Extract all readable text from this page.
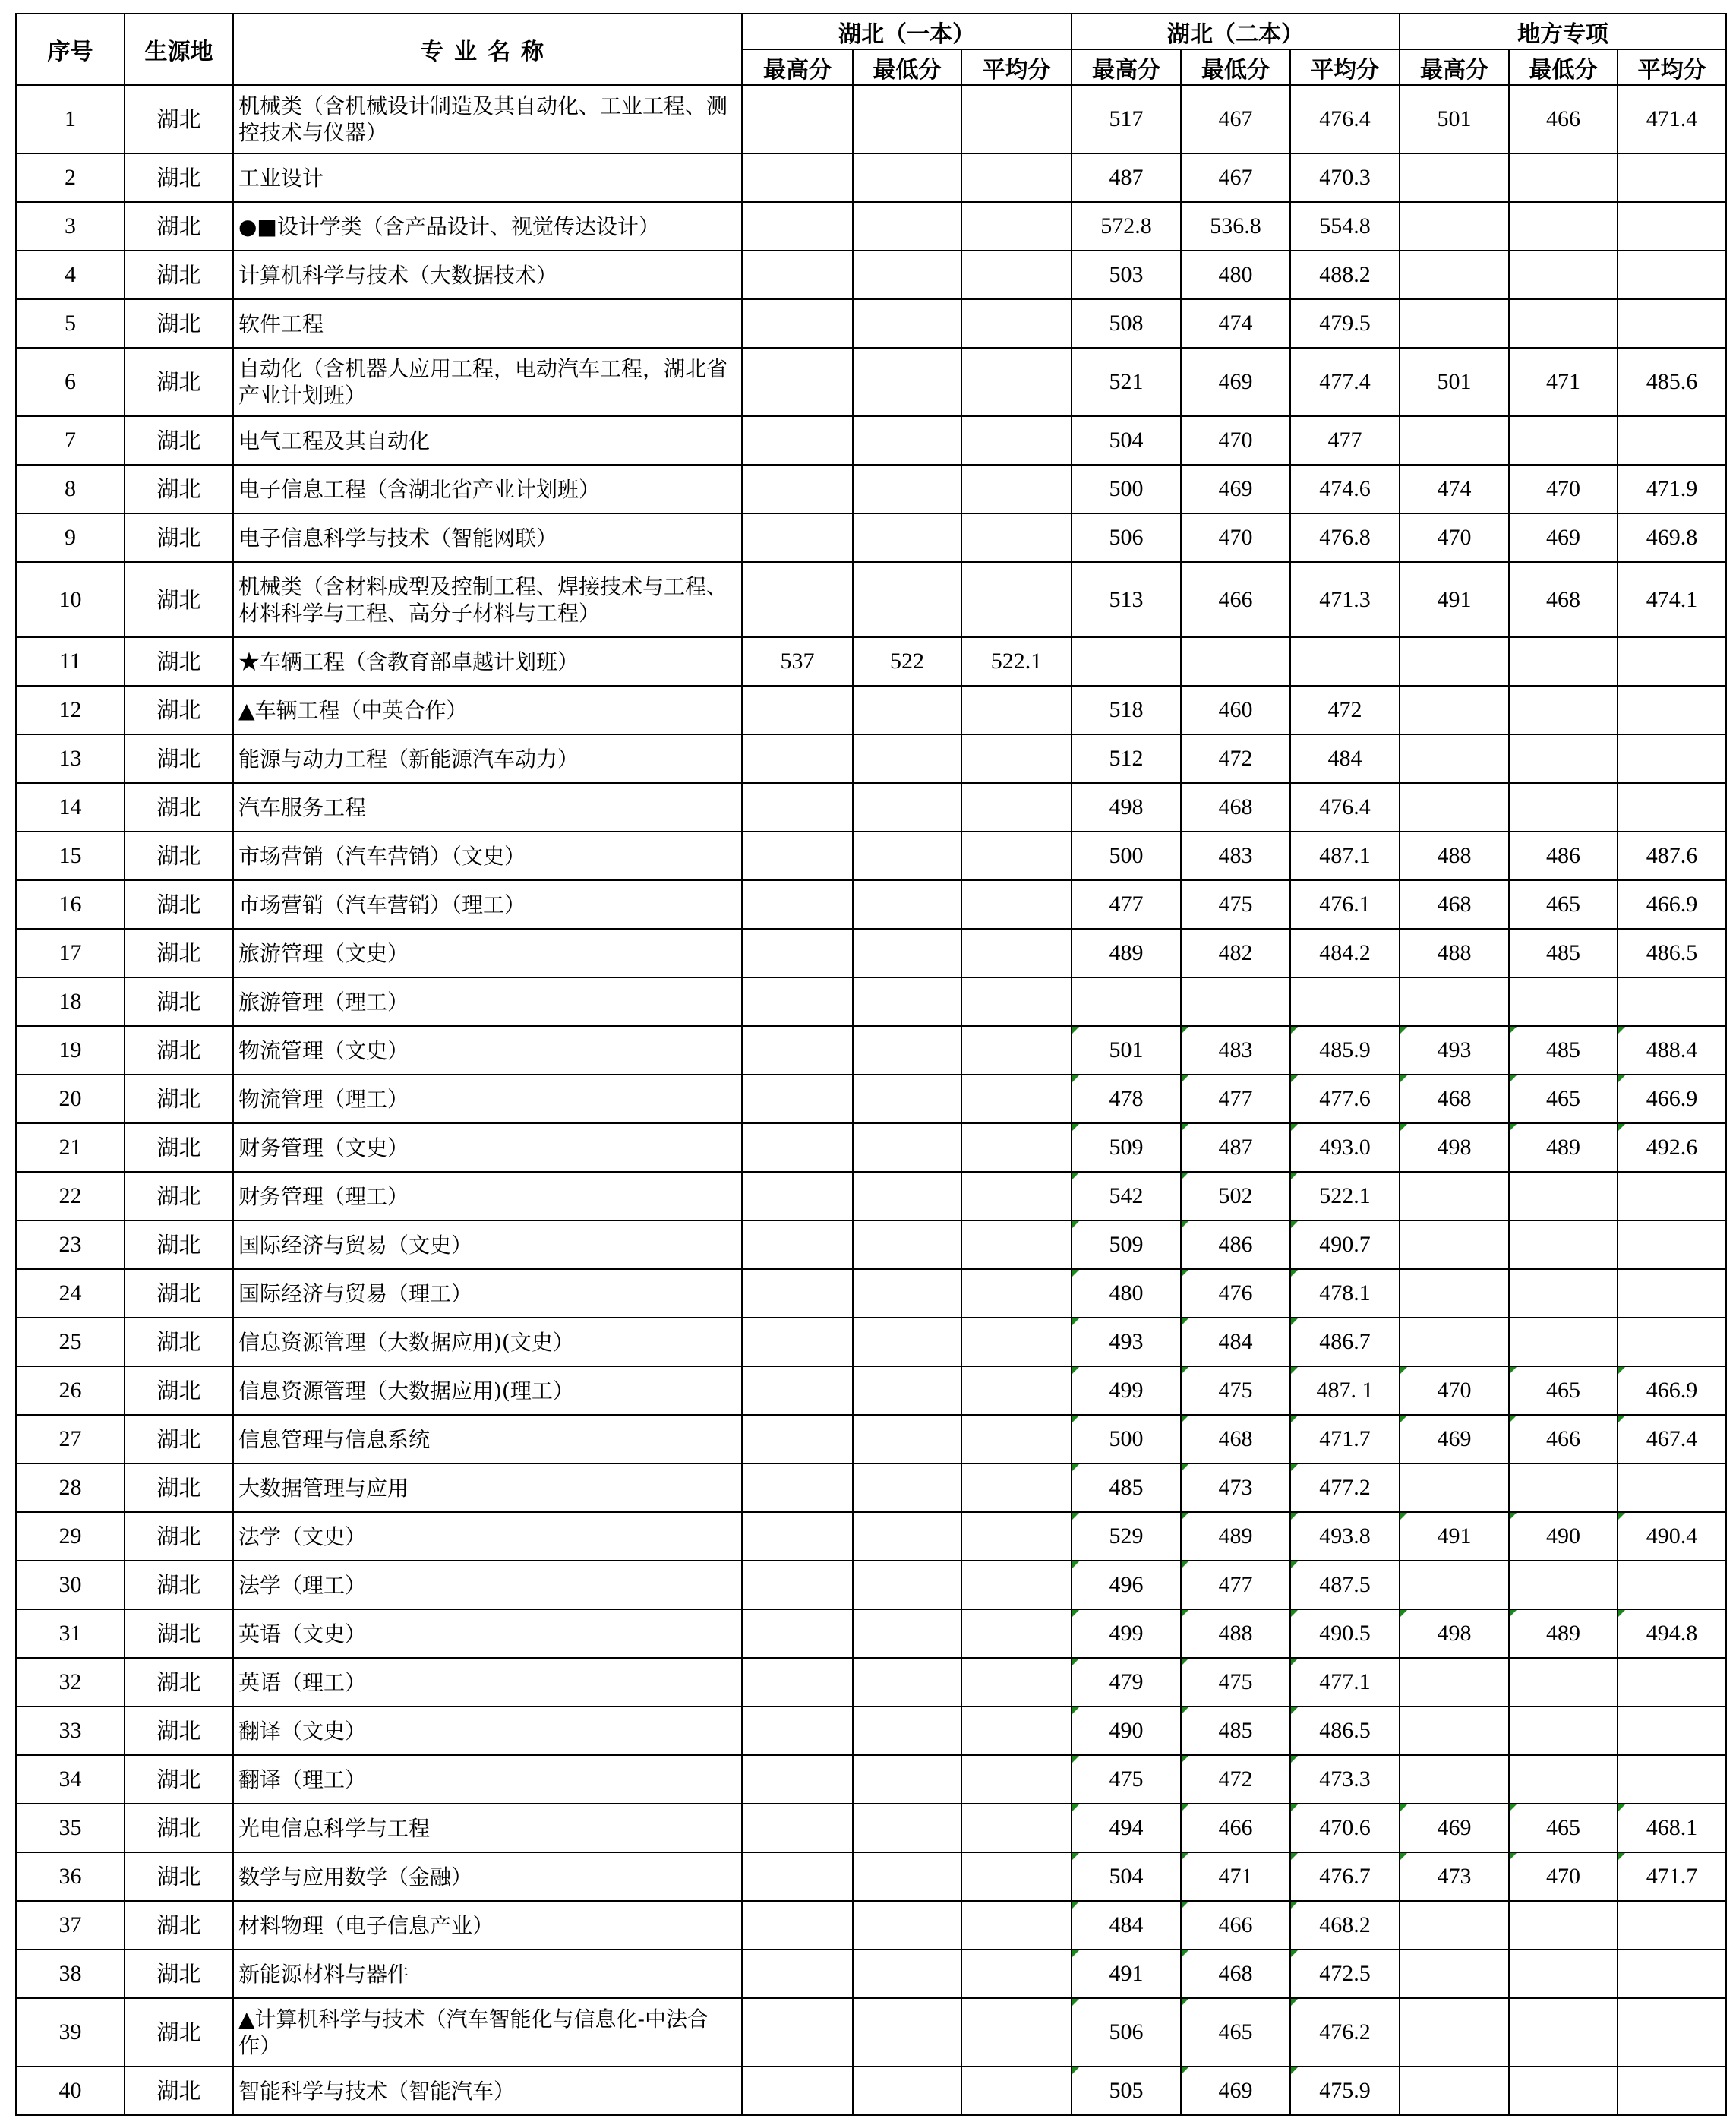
序号	生源地	专业名称	湖北（一本）			湖北（二本）			地方专项		
			最高分	最低分	平均分	最高分	最低分	平均分	最高分	最低分	平均分
1	湖北	机械类（含机械设计制造及其自动化、工业工程、测控技术与仪器）				517	467	476.4	501	466	471.4
2	湖北	工业设计				487	467	470.3			
3	湖北	●■设计学类（含产品设计、视觉传达设计）				572.8	536.8	554.8			
4	湖北	计算机科学与技术（大数据技术）				503	480	488.2			
5	湖北	软件工程				508	474	479.5			
6	湖北	自动化（含机器人应用工程，电动汽车工程，湖北省产业计划班）				521	469	477.4	501	471	485.6
7	湖北	电气工程及其自动化				504	470	477			
8	湖北	电子信息工程（含湖北省产业计划班）				500	469	474.6	474	470	471.9
9	湖北	电子信息科学与技术（智能网联）				506	470	476.8	470	469	469.8
10	湖北	机械类（含材料成型及控制工程、焊接技术与工程、材料科学与工程、高分子材料与工程）				513	466	471.3	491	468	474.1
11	湖北	★车辆工程（含教育部卓越计划班）	537	522	522.1						
12	湖北	▲车辆工程（中英合作）				518	460	472			
13	湖北	能源与动力工程（新能源汽车动力）				512	472	484			
14	湖北	汽车服务工程				498	468	476.4			
15	湖北	市场营销（汽车营销）（文史）				500	483	487.1	488	486	487.6
16	湖北	市场营销（汽车营销）（理工）				477	475	476.1	468	465	466.9
17	湖北	旅游管理（文史）				489	482	484.2	488	485	486.5
18	湖北	旅游管理（理工）									
19	湖北	物流管理（文史）				501	483	485.9	493	485	488.4
20	湖北	物流管理（理工）				478	477	477.6	468	465	466.9
21	湖北	财务管理（文史）				509	487	493.0	498	489	492.6
22	湖北	财务管理（理工）				542	502	522.1			
23	湖北	国际经济与贸易（文史）				509	486	490.7			
24	湖北	国际经济与贸易（理工）				480	476	478.1			
25	湖北	信息资源管理（大数据应用)(文史）				493	484	486.7			
26	湖北	信息资源管理（大数据应用)(理工）				499	475	487. 1	470	465	466.9
27	湖北	信息管理与信息系统				500	468	471.7	469	466	467.4
28	湖北	大数据管理与应用				485	473	477.2			
29	湖北	法学（文史）				529	489	493.8	491	490	490.4
30	湖北	法学（理工）				496	477	487.5			
31	湖北	英语（文史）				499	488	490.5	498	489	494.8
32	湖北	英语（理工）				479	475	477.1			
33	湖北	翻译（文史）				490	485	486.5			
34	湖北	翻译（理工）				475	472	473.3			
35	湖北	光电信息科学与工程				494	466	470.6	469	465	468.1
36	湖北	数学与应用数学（金融）				504	471	476.7	473	470	471.7
37	湖北	材料物理（电子信息产业）				484	466	468.2			
38	湖北	新能源材料与器件				491	468	472.5			
39	湖北	▲计算机科学与技术（汽车智能化与信息化-中法合作）				506	465	476.2			
40	湖北	智能科学与技术（智能汽车）				505	469	475.9			
